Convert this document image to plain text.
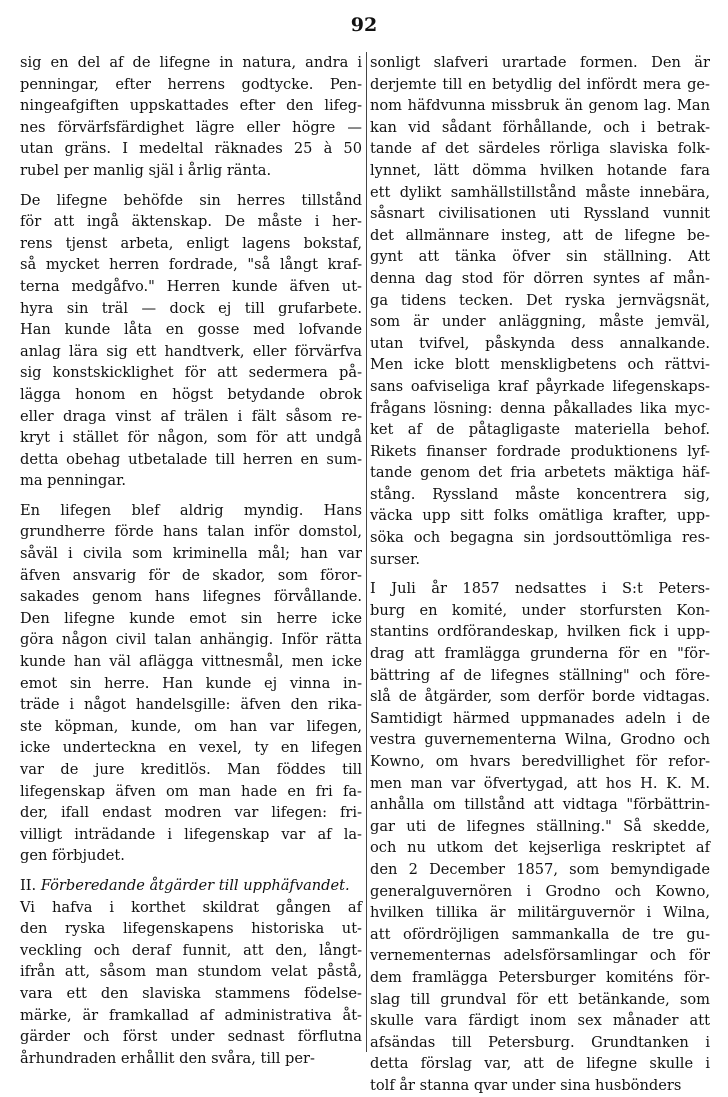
92
sig en del af de lifegne in natura, andra i
penningar, efter herrens godtycke. Pen-
ningeafgiften uppskattades efter den lifeg-
nes förvärfsfärdighet lägre eller högre —
utan gräns. I medeltal räknades 25 à 50
rubel per manlig själ i årlig ränta.
De lifegne behöfde sin herres tillstånd
för att ingå äktenskap. De måste i her-
rens tjenst arbeta, enligt lagens bokstaf,
så mycket herren fordrade, "så långt kraf-
terna medgåfvo." Herren kunde äfven ut-
hyra sin träl — dock ej till grufarbete.
Han kunde låta en gosse med lofvande
anlag lära sig ett handtverk, eller förvärfva
sig konstskicklighet för att sedermera på-
lägga honom en högst betydande obrok
eller draga vinst af trälen i fält såsom re-
kryt i stället för någon, som för att undgå
detta obehag utbetalade till herren en sum-
ma penningar.
En lifegen blef aldrig myndig. Hans
grundherre förde hans talan inför domstol,
såväl i civila som kriminella mål; han var
äfven ansvarig för de skador, som föror-
sakades genom hans lifegnes förvållande.
Den lifegne kunde emot sin herre icke
göra någon civil talan anhängig. Inför rätta
kunde han väl aflägga vittnesmål, men icke
emot sin herre. Han kunde ej vinna in-
träde i något handelsgille: äfven den rika-
ste köpman, kunde, om han var lifegen,
icke underteckna en vexel, ty en lifegen
var de jure kreditlös. Man föddes till
lifegenskap äfven om man hade en fri fa-
der, ifall endast modren var lifegen: fri-
villigt inträdande i lifegenskap var af la-
gen förbjudet.
II. Förberedande åtgärder till upphäfvandet.
Vi hafva i korthet skildrat gången af
den ryska lifegenskapens historiska ut-
veckling och deraf funnit, att den, långt-
ifrån att, såsom man stundom velat påstå,
vara ett den slaviska stammens födelse-
märke, är framkallad af administrativa åt-
gärder och först under sednast förflutna
århundraden erhållit den svåra, till per-
sonligt slafveri urartade formen. Den är
derjemte till en betydlig del infördt mera ge-
nom häfdvunna missbruk än genom lag. Man
kan vid sådant förhållande, och i betrak-
tande af det särdeles rörliga slaviska folk-
lynnet, lätt dömma hvilken hotande fara
ett dylikt samhällstillstånd måste innebära,
såsnart civilisationen uti Ryssland vunnit
det allmännare insteg, att de lifegne be-
gynt att tänka öfver sin ställning. Att
denna dag stod för dörren syntes af mån-
ga tidens tecken. Det ryska jernvägsnät,
som är under anläggning, måste jemväl,
utan tvifvel, påskynda dess annalkande.
Men icke blott menskligbetens och rättvi-
sans oafviseliga kraf påyrkade lifegenskaps-
frågans lösning: denna påkallades lika myc-
ket af de påtagligaste materiella behof.
Rikets finanser fordrade produktionens lyf-
tande genom det fria arbetets mäktiga häf-
stång. Ryssland måste koncentrera sig,
väcka upp sitt folks omätliga krafter, upp-
söka och begagna sin jordsouttömliga res-
surser.
I Juli år 1857 nedsattes i S:t Peters-
burg en komité, under storfursten Kon-
stantins ordförandeskap, hvilken fick i upp-
drag att framlägga grunderna för en "för-
bättring af de lifegnes ställning" och före-
slå de åtgärder, som derför borde vidtagas.
Samtidigt härmed uppmanades adeln i de
vestra guvernementerna Wilna, Grodno och
Kowno, om hvars beredvillighet för refor-
men man var öfvertygad, att hos H. K. M.
anhålla om tillstånd att vidtaga "förbättrin-
gar uti de lifegnes ställning." Så skedde,
och nu utkom det kejserliga reskriptet af
den 2 December 1857, som bemyndigade
generalguvernören i Grodno och Kowno,
hvilken tillika är militärguvernör i Wilna,
att ofördröjligen sammankalla de tre gu-
vernementernas adelsförsamlingar och för
dem framlägga Petersburger komiténs för-
slag till grundval för ett betänkande, som
skulle vara färdigt inom sex månader att
afsändas till Petersburg. Grundtanken i
detta förslag var, att de lifegne skulle i
tolf år stanna qvar under sina husbönders
